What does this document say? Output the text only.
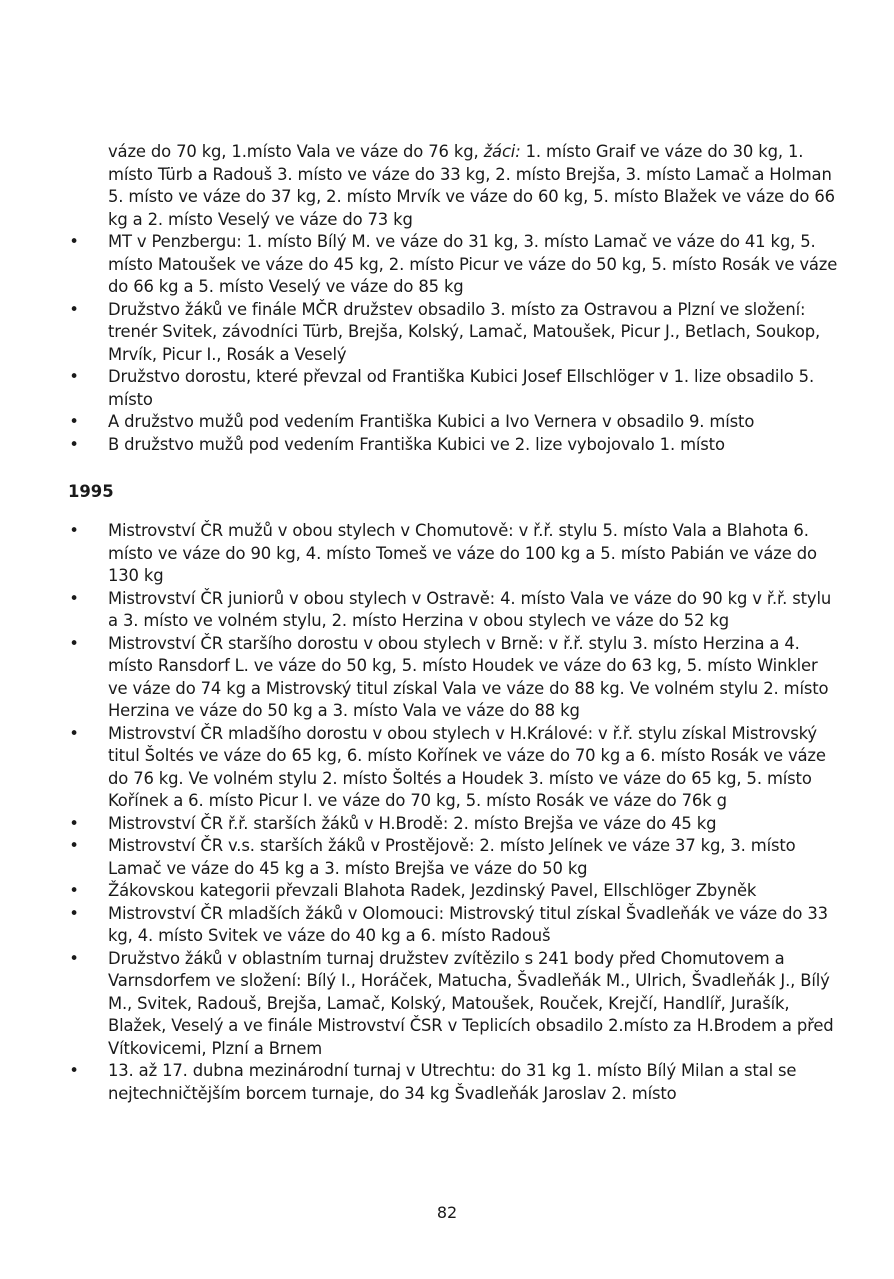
váze do 70 kg, 1.místo Vala ve váze do 76 kg, žáci: 1. místo Graif ve váze do 30 kg, 1. místo Türb a Radouš 3. místo ve váze do 33 kg, 2. místo Brejša, 3. místo Lamač a Holman 5. místo ve váze do 37 kg, 2. místo Mrvík ve váze do 60 kg, 5. místo Blažek ve váze do 66 kg a 2. místo Veselý ve váze do 73 kg

• MT v Penzbergu: 1. místo Bílý M. ve váze do 31 kg, 3. místo Lamač ve váze do 41 kg, 5. místo Matoušek ve váze do 45 kg, 2. místo Picur ve váze do 50 kg, 5. místo Rosák ve váze do 66 kg a 5. místo Veselý ve váze do 85 kg
• Družstvo žáků ve finále MČR družstev obsadilo 3. místo za Ostravou a Plzní ve složení: trenér Svitek, závodníci Türb, Brejša, Kolský, Lamač, Matoušek, Picur J., Betlach, Soukop, Mrvík, Picur I., Rosák a Veselý
• Družstvo dorostu, které převzal od Františka Kubici Josef Ellschlöger v 1. lize obsadilo 5. místo
• A družstvo mužů pod vedením Františka Kubici a Ivo Vernera v obsadilo 9. místo
• B družstvo mužů pod vedením Františka Kubici ve 2. lize vybojovalo 1. místo
1995
• Mistrovství ČR mužů v obou stylech v Chomutově: v ř.ř. stylu 5. místo Vala a Blahota 6. místo ve váze do 90 kg, 4. místo Tomeš ve váze do 100 kg a 5. místo Pabián ve váze do 130 kg
• Mistrovství ČR juniorů v obou stylech v Ostravě: 4. místo Vala ve váze do 90 kg v ř.ř. stylu a 3. místo ve volném stylu, 2. místo Herzina v obou stylech ve váze do 52 kg
• Mistrovství ČR staršího dorostu v obou stylech v Brně: v ř.ř. stylu 3. místo Herzina a 4. místo Ransdorf L. ve váze do 50 kg, 5. místo Houdek ve váze do 63 kg, 5. místo Winkler ve váze do 74 kg a Mistrovský titul získal Vala ve váze do 88 kg. Ve volném stylu 2. místo Herzina ve váze do 50 kg a 3. místo Vala ve váze do 88 kg
• Mistrovství ČR mladšího dorostu v obou stylech v H.Králové: v ř.ř. stylu získal Mistrovský titul Šoltés ve váze do 65 kg, 6. místo Kořínek ve váze do 70 kg a 6. místo Rosák ve váze do 76 kg. Ve volném stylu 2. místo Šoltés a Houdek 3. místo ve váze do 65 kg, 5. místo Kořínek a 6. místo Picur I. ve váze do 70 kg, 5. místo Rosák ve váze do 76k g
• Mistrovství ČR ř.ř. starších žáků v H.Brodě: 2. místo Brejša ve váze do 45 kg
• Mistrovství ČR v.s. starších žáků v Prostějově: 2. místo Jelínek ve váze 37 kg, 3. místo Lamač ve váze do 45 kg a 3. místo Brejša ve váze do 50 kg
• Žákovskou kategorii převzali Blahota Radek, Jezdinský Pavel, Ellschlöger Zbyněk
• Mistrovství ČR mladších žáků v Olomouci: Mistrovský titul získal Švadleňák ve váze do 33 kg, 4. místo Svitek ve váze do 40 kg a 6. místo Radouš
• Družstvo žáků v oblastním turnaj družstev zvítězilo s 241 body před Chomutovem a Varnsdorfem ve složení: Bílý I., Horáček, Matucha, Švadleňák M., Ulrich, Švadleňák J., Bílý M., Svitek, Radouš, Brejša, Lamač, Kolský, Matoušek, Rouček, Krejčí, Handlíř, Jurašík, Blažek, Veselý a ve finále Mistrovství ČSR v Teplicích obsadilo 2.místo za H.Brodem a před Vítkovicemi, Plzní a Brnem
• 13. až 17. dubna mezinárodní turnaj v Utrechtu: do 31 kg 1. místo Bílý Milan a stal se nejtechničtějším borcem turnaje, do 34 kg Švadleňák Jaroslav 2. místo
82
